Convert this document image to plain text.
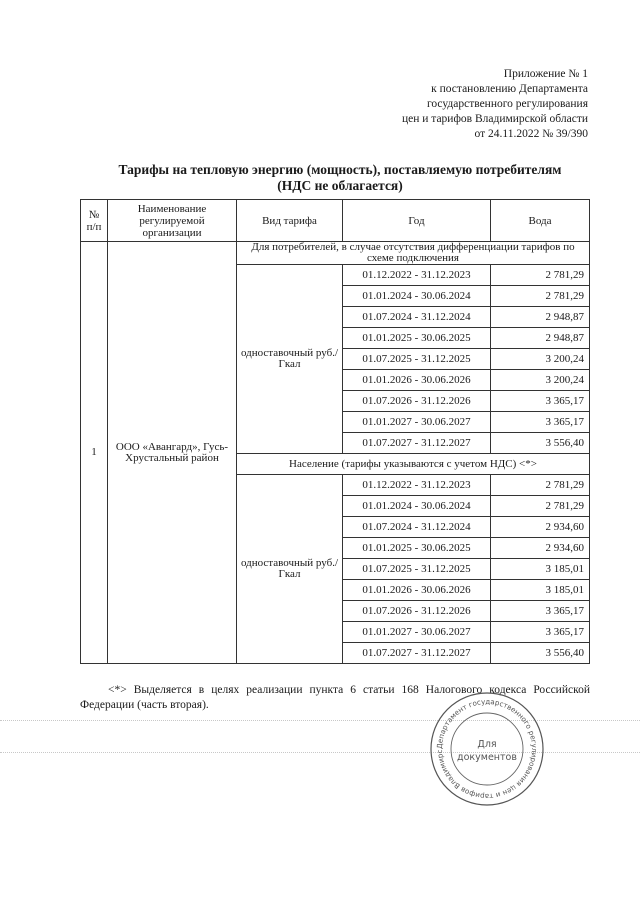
Приложение № 1
к постановлению Департамента
государственного регулирования
цен и тарифов Владимирской области
от 24.11.2022 № 39/390
Тарифы на тепловую энергию (мощность), поставляемую потребителям
(НДС не облагается)
№ п/п	Наименование регулируемой организации	Вид тарифа	Год	Вода
1	ООО «Авангард», Гусь-Хрустальный район	Для потребителей, в случае отсутствия дифференциации тарифов по схеме подключения		
		одноставочный руб./Гкал	01.12.2022 - 31.12.2023	2 781,29
			01.01.2024 - 30.06.2024	2 781,29
			01.07.2024 - 31.12.2024	2 948,87
			01.01.2025 - 30.06.2025	2 948,87
			01.07.2025 - 31.12.2025	3 200,24
			01.01.2026 - 30.06.2026	3 200,24
			01.07.2026 - 31.12.2026	3 365,17
			01.01.2027 - 30.06.2027	3 365,17
			01.07.2027 - 31.12.2027	3 556,40
		Население (тарифы указываются с учетом НДС) <*>		
		одноставочный руб./Гкал	01.12.2022 - 31.12.2023	2 781,29
			01.01.2024 - 30.06.2024	2 781,29
			01.07.2024 - 31.12.2024	2 934,60
			01.01.2025 - 30.06.2025	2 934,60
			01.07.2025 - 31.12.2025	3 185,01
			01.01.2026 - 30.06.2026	3 185,01
			01.07.2026 - 31.12.2026	3 365,17
			01.01.2027 - 30.06.2027	3 365,17
			01.07.2027 - 31.12.2027	3 556,40
<*> Выделяется в целях реализации пункта 6 статьи 168 Налогового кодекса Российской Федерации (часть вторая).
Департамент государственного регулирования цен и тарифов Владимирс
Для
документов
